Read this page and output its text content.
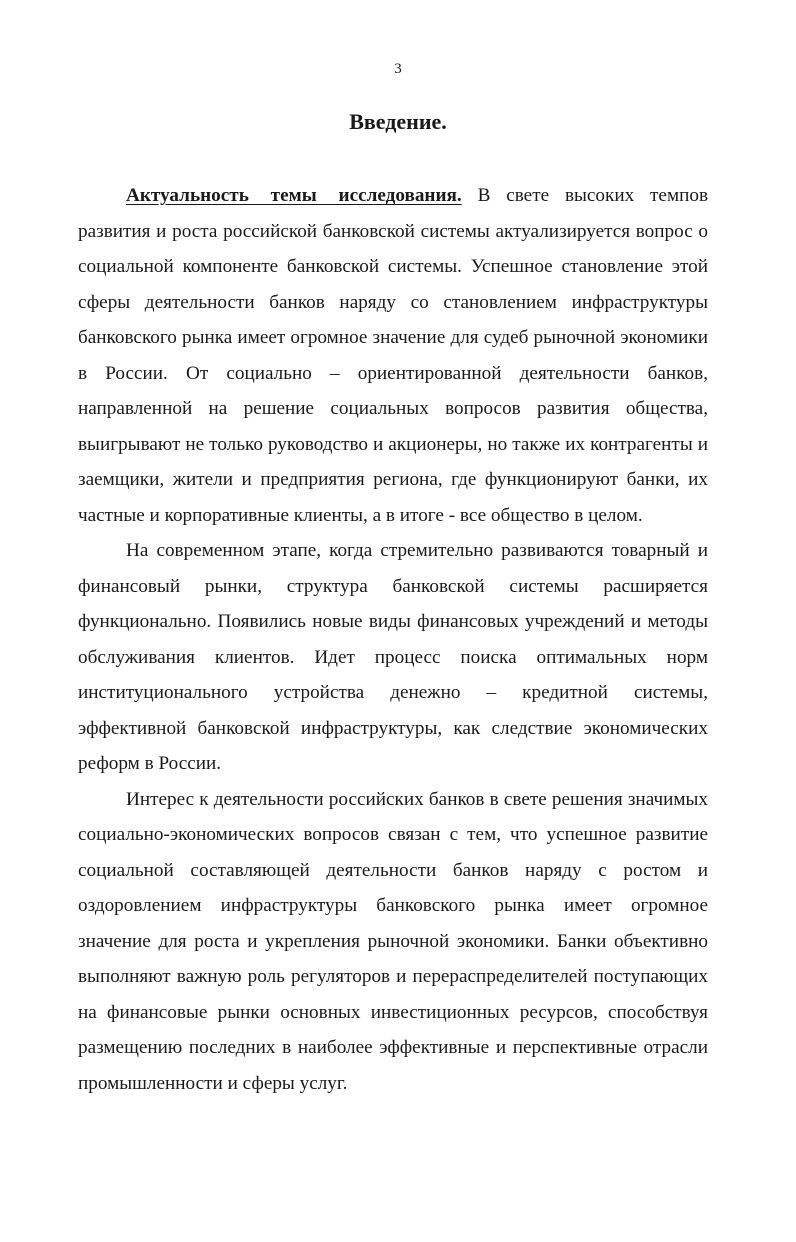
3
Введение.

Актуальность темы исследования. В свете высоких темпов развития и роста российской банковской системы актуализируется вопрос о социальной компоненте банковской системы. Успешное становление этой сферы деятельности банков наряду со становлением инфраструктуры банковского рынка имеет огромное значение для судеб рыночной экономики в России. От социально – ориентированной деятельности банков, направленной на решение социальных вопросов развития общества, выигрывают не только руководство и акционеры, но также их контрагенты и заемщики, жители и предприятия региона, где функционируют банки, их частные и корпоративные клиенты, а в итоге - все общество в целом.

На современном этапе, когда стремительно развиваются товарный и финансовый рынки, структура банковской системы расширяется функционально. Появились новые виды финансовых учреждений и методы обслуживания клиентов. Идет процесс поиска оптимальных норм институционального устройства денежно – кредитной системы, эффективной банковской инфраструктуры, как следствие экономических реформ в России.

Интерес к деятельности российских банков в свете решения значимых социально-экономических вопросов связан с тем, что успешное развитие социальной составляющей деятельности банков наряду с ростом и оздоровлением инфраструктуры банковского рынка имеет огромное значение для роста и укрепления рыночной экономики. Банки объективно выполняют важную роль регуляторов и перераспределителей поступающих на финансовые рынки основных инвестиционных ресурсов, способствуя размещению последних в наиболее эффективные и перспективные отрасли промышленности и сферы услуг.
